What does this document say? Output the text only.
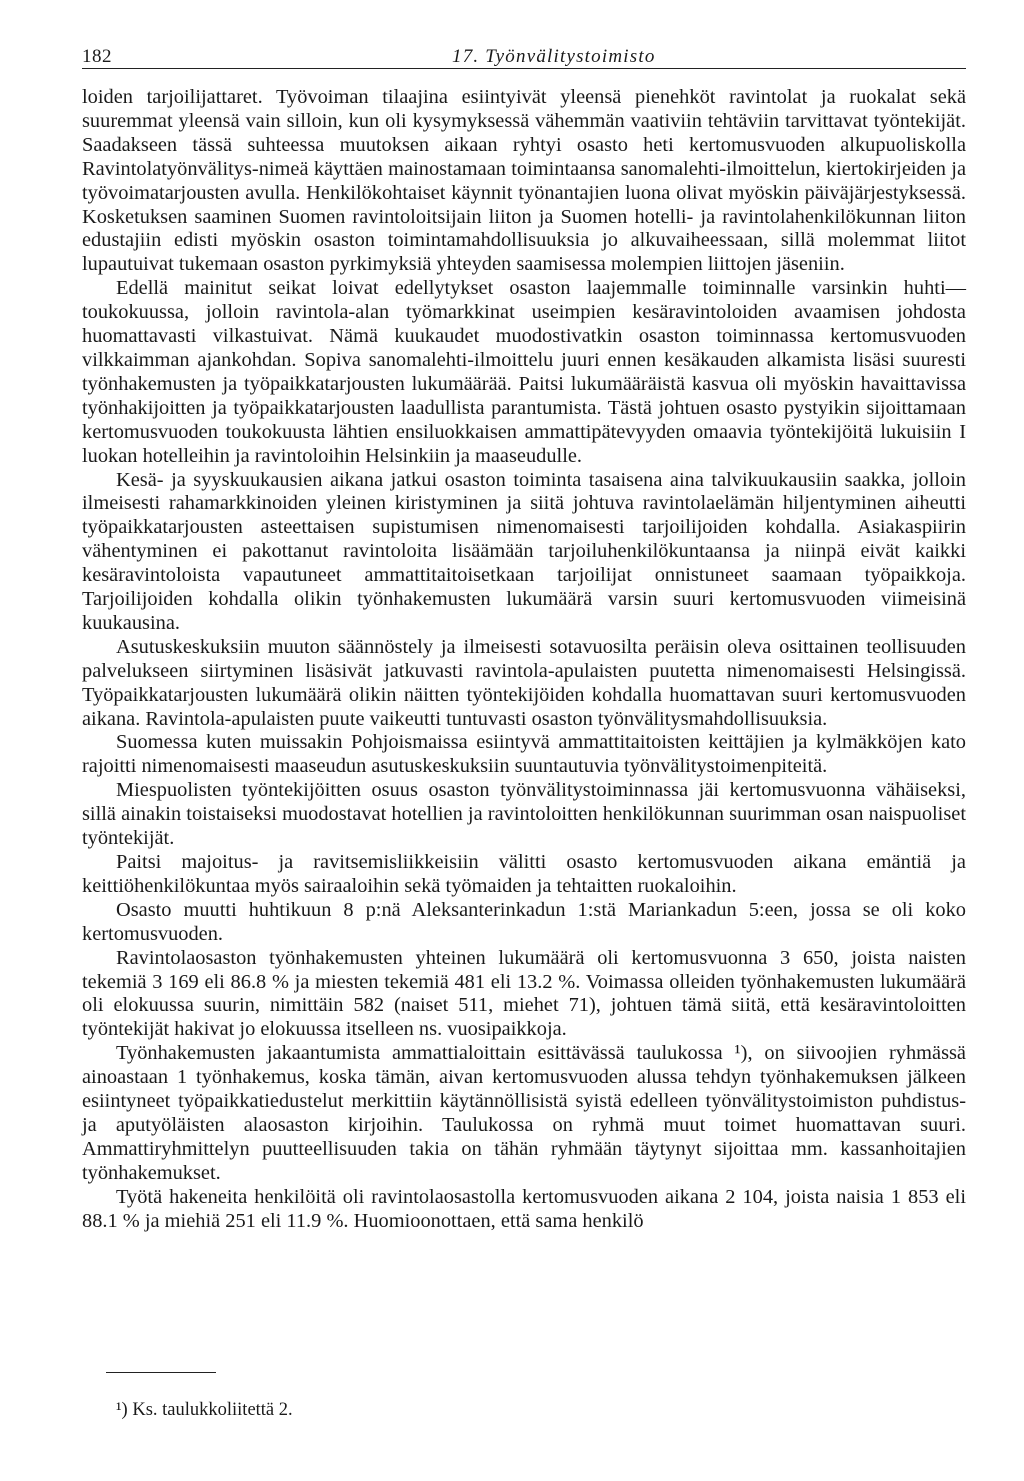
182	17. Työnvälitystoimisto

loiden tarjoilijattaret. Työvoiman tilaajina esiintyivät yleensä pienehköt ravintolat ja ruokalat sekä suuremmat yleensä vain silloin, kun oli kysymyksessä vähemmän vaativiin tehtäviin tarvittavat työntekijät. Saadakseen tässä suhteessa muutoksen aikaan ryhtyi osasto heti kertomusvuoden alkupuoliskolla Ravintolatyönvälitys-nimeä käyttäen mainostamaan toimintaansa sanomalehti-ilmoittelun, kiertokirjeiden ja työvoimatarjousten avulla. Henkilökohtaiset käynnit työnantajien luona olivat myöskin päiväjärjestyksessä. Kosketuksen saaminen Suomen ravintoloitsijain liiton ja Suomen hotelli- ja ravintolahenkilökunnan liiton edustajiin edisti myöskin osaston toimintamahdollisuuksia jo alkuvaiheessaan, sillä molemmat liitot lupautuivat tukemaan osaston pyrkimyksiä yhteyden saamisessa molempien liittojen jäseniin.

Edellä mainitut seikat loivat edellytykset osaston laajemmalle toiminnalle varsinkin huhti—toukokuussa, jolloin ravintola-alan työmarkkinat useimpien kesäravintoloiden avaamisen johdosta huomattavasti vilkastuivat. Nämä kuukaudet muodostivatkin osaston toiminnassa kertomusvuoden vilkkaimman ajankohdan. Sopiva sanomalehti-ilmoittelu juuri ennen kesäkauden alkamista lisäsi suuresti työnhakemusten ja työpaikkatarjousten lukumäärää. Paitsi lukumääräistä kasvua oli myöskin havaittavissa työnhakijoitten ja työpaikkatarjousten laadullista parantumista. Tästä johtuen osasto pystyikin sijoittamaan kertomusvuoden toukokuusta lähtien ensiluokkaisen ammattipätevyyden omaavia työntekijöitä lukuisiin I luokan hotelleihin ja ravintoloihin Helsinkiin ja maaseudulle.

Kesä- ja syyskuukausien aikana jatkui osaston toiminta tasaisena aina talvikuukausiin saakka, jolloin ilmeisesti rahamarkkinoiden yleinen kiristyminen ja siitä johtuva ravintolaelämän hiljentyminen aiheutti työpaikkatarjousten asteettaisen supistumisen nimenomaisesti tarjoilijoiden kohdalla. Asiakaspiirin vähentyminen ei pakottanut ravintoloita lisäämään tarjoiluhenkilökuntaansa ja niinpä eivät kaikki kesäravintoloista vapautuneet ammattitaitoisetkaan tarjoilijat onnistuneet saamaan työpaikkoja. Tarjoilijoiden kohdalla olikin työnhakemusten lukumäärä varsin suuri kertomusvuoden viimeisinä kuukausina.

Asutuskeskuksiin muuton säännöstely ja ilmeisesti sotavuosilta peräisin oleva osittainen teollisuuden palvelukseen siirtyminen lisäsivät jatkuvasti ravintola-apulaisten puutetta nimenomaisesti Helsingissä. Työpaikkatarjousten lukumäärä olikin näitten työntekijöiden kohdalla huomattavan suuri kertomusvuoden aikana. Ravintola-apulaisten puute vaikeutti tuntuvasti osaston työnvälitysmahdollisuuksia.

Suomessa kuten muissakin Pohjoismaissa esiintyvä ammattitaitoisten keittäjien ja kylmäkköjen kato rajoitti nimenomaisesti maaseudun asutuskeskuksiin suuntautuvia työnvälitystoimenpiteitä.

Miespuolisten työntekijöitten osuus osaston työnvälitystoiminnassa jäi kertomusvuonna vähäiseksi, sillä ainakin toistaiseksi muodostavat hotellien ja ravintoloitten henkilökunnan suurimman osan naispuoliset työntekijät.

Paitsi majoitus- ja ravitsemisliikkeisiin välitti osasto kertomusvuoden aikana emäntiä ja keittiöhenkilökuntaa myös sairaaloihin sekä työmaiden ja tehtaitten ruokaloihin.

Osasto muutti huhtikuun 8 p:nä Aleksanterinkadun 1:stä Mariankadun 5:een, jossa se oli koko kertomusvuoden.

Ravintolaosaston työnhakemusten yhteinen lukumäärä oli kertomusvuonna 3 650, joista naisten tekemiä 3 169 eli 86.8 % ja miesten tekemiä 481 eli 13.2 %. Voimassa olleiden työnhakemusten lukumäärä oli elokuussa suurin, nimittäin 582 (naiset 511, miehet 71), johtuen tämä siitä, että kesäravintoloitten työntekijät hakivat jo elokuussa itselleen ns. vuosipaikkoja.

Työnhakemusten jakaantumista ammattialoittain esittävässä taulukossa ¹), on siivoojien ryhmässä ainoastaan 1 työnhakemus, koska tämän, aivan kertomusvuoden alussa tehdyn työnhakemuksen jälkeen esiintyneet työpaikkatiedustelut merkittiin käytännöllisistä syistä edelleen työnvälitystoimiston puhdistus- ja aputyöläisten alaosaston kirjoihin. Taulukossa on ryhmä muut toimet huomattavan suuri. Ammattiryhmittelyn puutteellisuuden takia on tähän ryhmään täytynyt sijoittaa mm. kassanhoitajien työnhakemukset.

Työtä hakeneita henkilöitä oli ravintolaosastolla kertomusvuoden aikana 2 104, joista naisia 1 853 eli 88.1 % ja miehiä 251 eli 11.9 %. Huomioonottaen, että sama henkilö

¹) Ks. taulukkoliitettä 2.
